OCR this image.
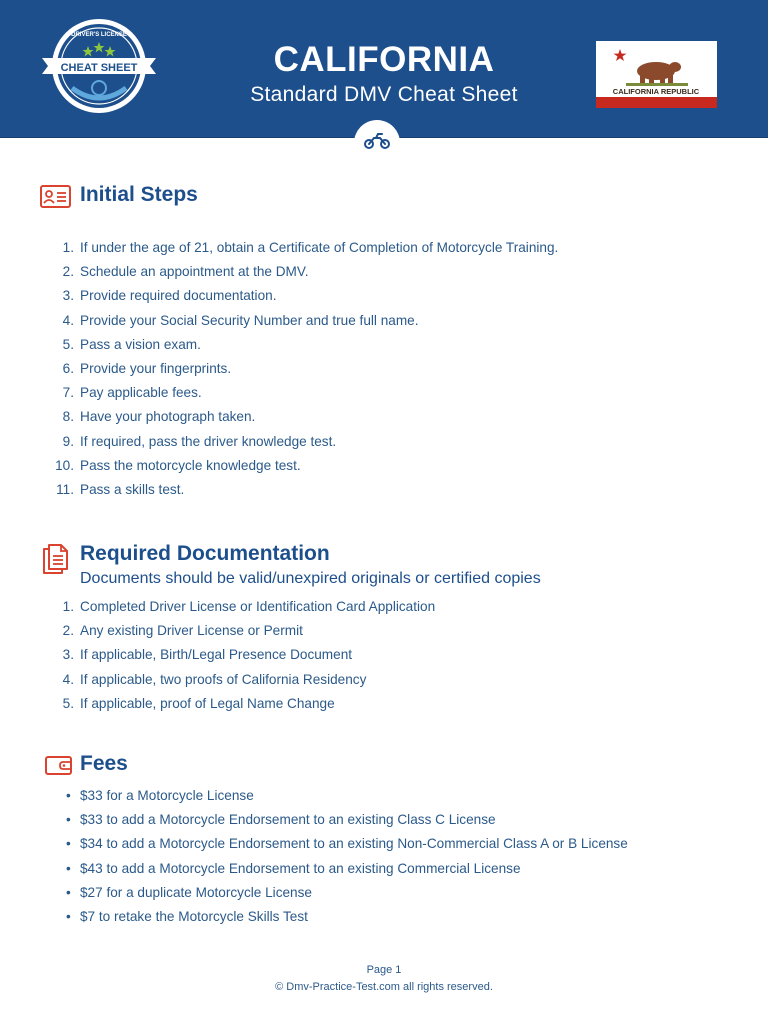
CHEAT SHEET
DRIVER'S LICENSE
CALIFORNIA
Standard DMV Cheat Sheet	CALIFORNIA REPUBLIC
Initial Steps
1. If under the age of 21, obtain a Certificate of Completion of Motorcycle Training.
2. Schedule an appointment at the DMV.
3. Provide required documentation.
4. Provide your Social Security Number and true full name.
5. Pass a vision exam.
6. Provide your fingerprints.
7. Pay applicable fees.
8. Have your photograph taken.
9. If required, pass the driver knowledge test.
10. Pass the motorcycle knowledge test.
11. Pass a skills test.
Required Documentation
Documents should be valid/unexpired originals or certified copies
1. Completed Driver License or Identification Card Application
2. Any existing Driver License or Permit
3. If applicable, Birth/Legal Presence Document
4. If applicable, two proofs of California Residency
5. If applicable, proof of Legal Name Change
Fees
• $33 for a Motorcycle License
• $33 to add a Motorcycle Endorsement to an existing Class C License
• $34 to add a Motorcycle Endorsement to an existing Non-Commercial Class A or B License
• $43 to add a Motorcycle Endorsement to an existing Commercial License
• $27 for a duplicate Motorcycle License
• $7 to retake the Motorcycle Skills Test
Page 1
© Dmv-Practice-Test.com all rights reserved.
